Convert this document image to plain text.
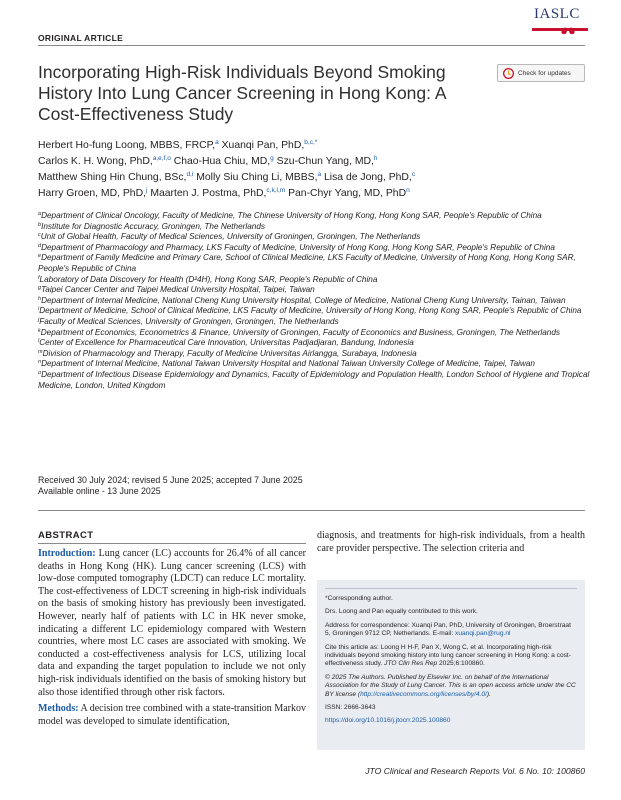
ORIGINAL ARTICLE
IASLC
Incorporating High-Risk Individuals Beyond Smoking History Into Lung Cancer Screening in Hong Kong: A Cost-Effectiveness Study
Check for updates
Herbert Ho-fung Loong, MBBS, FRCP,$^a$ Xuanqi Pan, PhD,$^{b,c,*}$
Carlos K. H. Wong, PhD,$^{a,e,f,o}$ Chao-Hua Chiu, MD,$^g$ Szu-Chun Yang, MD,$^h$
Matthew Shing Hin Chung, BSc,$^{d,i}$ Molly Siu Ching Li, MBBS,$^a$ Lisa de Jong, PhD,$^c$
Harry Groen, MD, PhD,$^j$ Maarten J. Postma, PhD,$^{c,k,l,m}$ Pan-Chyr Yang, MD, PhD$^n$

$^a$Department of Clinical Oncology, Faculty of Medicine, The Chinese University of Hong Kong, Hong Kong SAR, People's Republic of China

$^b$Institute for Diagnostic Accuracy, Groningen, The Netherlands

$^c$Unit of Global Health, Faculty of Medical Sciences, University of Groningen, Groningen, The Netherlands

$^d$Department of Pharmacology and Pharmacy, LKS Faculty of Medicine, University of Hong Kong, Hong Kong SAR, People's Republic of China

$^e$Department of Family Medicine and Primary Care, School of Clinical Medicine, LKS Faculty of Medicine, University of Hong Kong, Hong Kong SAR, People's Republic of China

$^f$Laboratory of Data Discovery for Health (D²4H), Hong Kong SAR, People's Republic of China

$^g$Taipei Cancer Center and Taipei Medical University Hospital, Taipei, Taiwan

$^h$Department of Internal Medicine, National Cheng Kung University Hospital, College of Medicine, National Cheng Kung University, Tainan, Taiwan

$^i$Department of Medicine, School of Clinical Medicine, LKS Faculty of Medicine, University of Hong Kong, Hong Kong SAR, People's Republic of China

$^j$Faculty of Medical Sciences, University of Groningen, Groningen, The Netherlands

$^k$Department of Economics, Econometrics & Finance, University of Groningen, Faculty of Economics and Business, Groningen, The Netherlands

$^l$Center of Excellence for Pharmaceutical Care Innovation, Universitas Padjadjaran, Bandung, Indonesia

$^m$Division of Pharmacology and Therapy, Faculty of Medicine Universitas Airlangga, Surabaya, Indonesia

$^n$Department of Internal Medicine, National Taiwan University Hospital and National Taiwan University College of Medicine, Taipei, Taiwan

$^o$Department of Infectious Disease Epidemiology and Dynamics, Faculty of Epidemiology and Population Health, London School of Hygiene and Tropical Medicine, London, United Kingdom

Received 30 July 2024; revised 5 June 2025; accepted 7 June 2025
Available online - 13 June 2025
ABSTRACT

Introduction: Lung cancer (LC) accounts for 26.4% of all cancer deaths in Hong Kong (HK). Lung cancer screening (LCS) with low-dose computed tomography (LDCT) can reduce LC mortality. The cost-effectiveness of LDCT screening in high-risk individuals on the basis of smoking history has previously been investigated. However, nearly half of patients with LC in HK never smoke, indicating a different LC epidemiology compared with Western countries, where most LC cases are associated with smoking. We conducted a cost-effectiveness analysis for LCS, utilizing local data and expanding the target population to include we not only high-risk individuals identified on the basis of smoking history but also those identified through other risk factors.

Methods: A decision tree combined with a state-transition Markov model was developed to simulate identification,

diagnosis, and treatments for high-risk individuals, from a health care provider perspective. The selection criteria and

*Corresponding author.

Drs. Loong and Pan equally contributed to this work.

Address for correspondence: Xuanqi Pan, PhD, University of Groningen, Broerstraat 5, Groningen 9712 CP, Netherlands. E-mail: xuanqi.pan@rug.nl

Cite this article as: Loong H H-F, Pan X, Wong C, et al. Incorporating high-risk individuals beyond smoking history into lung cancer screening in Hong Kong: a cost-effectiveness study. JTO Clin Res Rep 2025;6:100860.

© 2025 The Authors. Published by Elsevier Inc. on behalf of the International Association for the Study of Lung Cancer. This is an open access article under the CC BY license (http://creativecommons.org/licenses/by/4.0/).

ISSN: 2666-3643

https://doi.org/10.1016/j.jtocrr.2025.100860

JTO Clinical and Research Reports Vol. 6 No. 10: 100860
